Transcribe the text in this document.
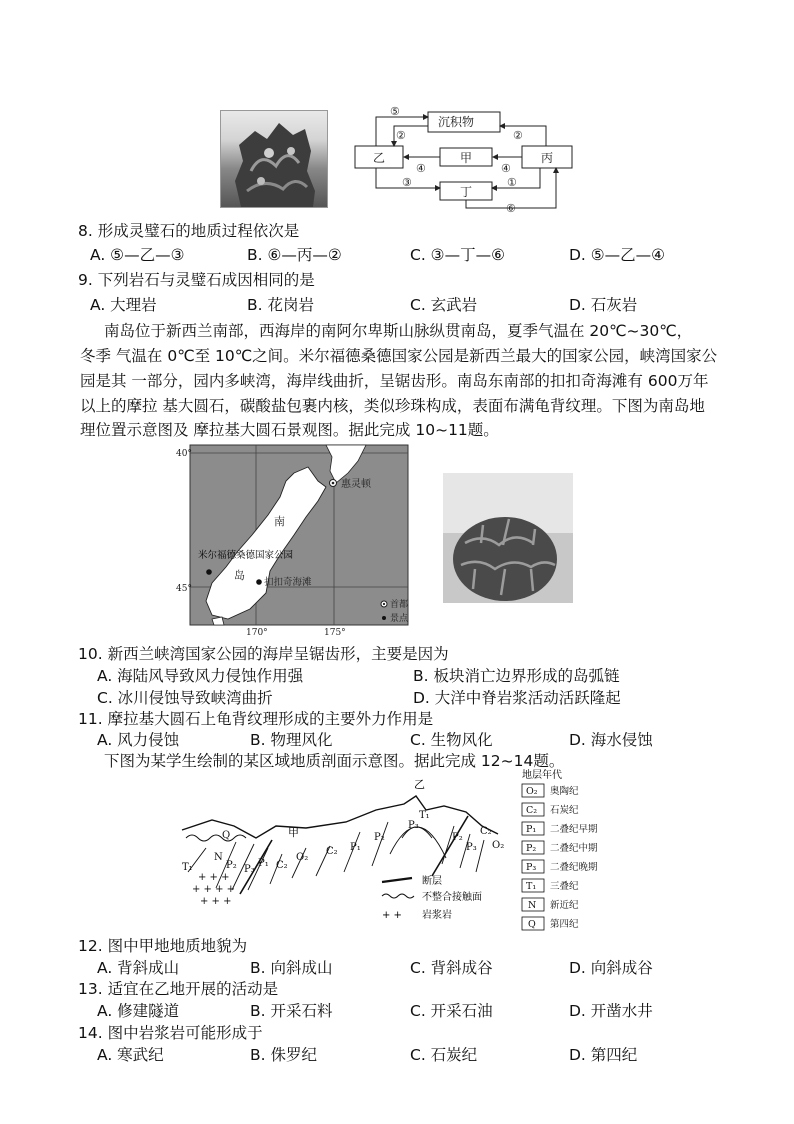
沉积物
乙	甲	丙
丁
⑤
②	②
④	④
③	①
⑥
8. 形成灵璧石的地质过程依次是
A. ⑤—乙—③	B. ⑥—丙—②	C. ③—丁—⑥	D. ⑤—乙—④
9. 下列岩石与灵璧石成因相同的是
A. 大理岩	B. 花岗岩	C. 玄武岩	D. 石灰岩
南岛位于新西兰南部，西海岸的南阿尔卑斯山脉纵贯南岛，夏季气温在 20℃~30℃，
冬季 气温在 0℃至 10℃之间。米尔福德桑德国家公园是新西兰最大的国家公园，峡湾国家公
园是其 一部分，园内多峡湾，海岸线曲折，呈锯齿形。南岛东南部的扣扣奇海滩有 600万年
以上的摩拉 基大圆石，碳酸盐包裹内核，类似珍珠构成，表面布满龟背纹理。下图为南岛地
理位置示意图及 摩拉基大圆石景观图。据此完成 10~11题。
40°
45°
170°	175°
惠灵顿
南
岛
米尔福德桑德国家公园
扣扣奇海滩
首都
景点
10. 新西兰峡湾国家公园的海岸呈锯齿形，主要是因为
A. 海陆风导致风力侵蚀作用强	B. 板块消亡边界形成的岛弧链
C. 冰川侵蚀导致峡湾曲折	D. 大洋中脊岩浆活动活跃隆起
11. 摩拉基大圆石上龟背纹理形成的主要外力作用是
A. 风力侵蚀	B. 物理风化	C. 生物风化	D. 海水侵蚀
下图为某学生绘制的某区域地质剖面示意图。据此完成 12~14题。
+ + +
+ + + +
+ + +
Q
N
T₁	P₂ P₃
P₁ C₂
O₂
C₂ P₁
P₂
P₃
T₁
P₂
P₃
C₂
O₂
甲
乙
断层
不整合接触面
+ + 岩浆岩
地层年代
O₂ 奥陶纪
C₂ 石炭纪
P₁ 二叠纪早期
P₂ 二叠纪中期
P₃ 二叠纪晚期
T₁ 三叠纪
N 新近纪
Q 第四纪
12. 图中甲地地质地貌为
A. 背斜成山	B. 向斜成山	C. 背斜成谷	D. 向斜成谷
13. 适宜在乙地开展的活动是
A. 修建隧道	B. 开采石料	C. 开采石油	D. 开凿水井
14. 图中岩浆岩可能形成于
A. 寒武纪	B. 侏罗纪	C. 石炭纪	D. 第四纪
